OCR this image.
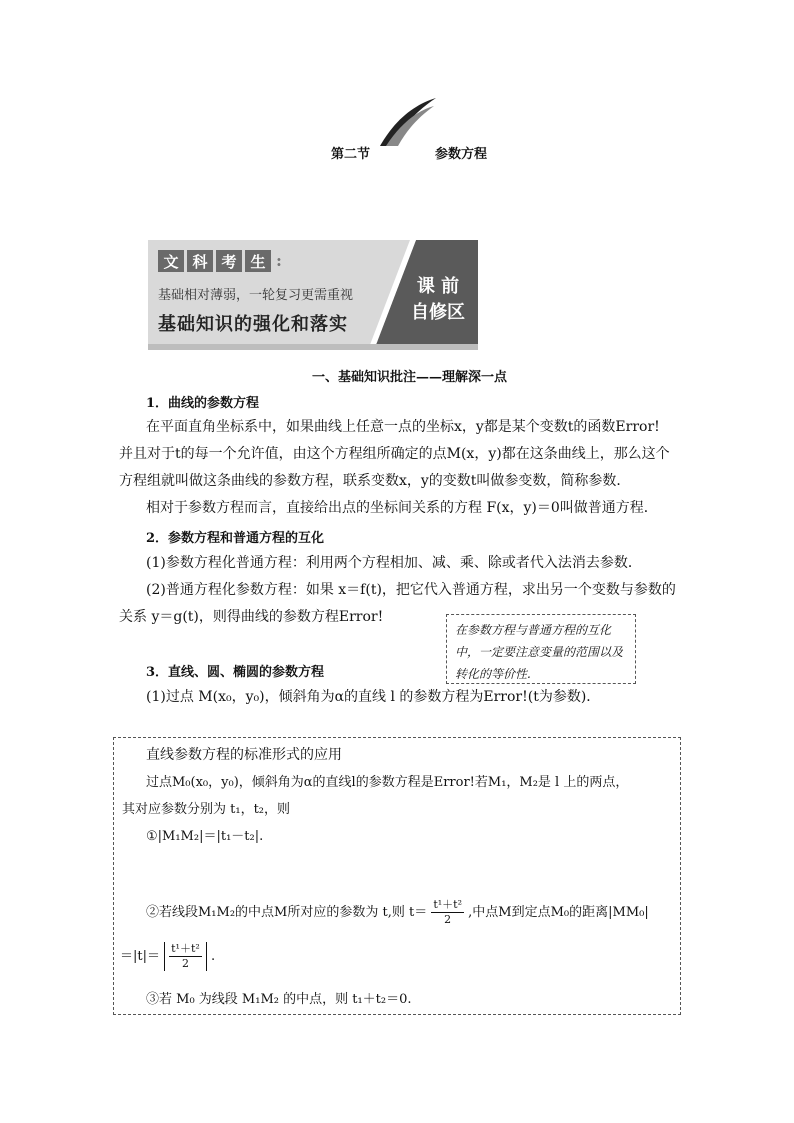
第二节	参数方程
文 科 考 生 :
基础相对薄弱，一轮复习更需重视
基础知识的强化和落实
课 前
自修区
一、基础知识批注——理解深一点
1．曲线的参数方程
在平面直角坐标系中，如果曲线上任意一点的坐标x，y都是某个变数t的函数Error!
并且对于t的每一个允许值，由这个方程组所确定的点M(x，y)都在这条曲线上，那么这个
方程组就叫做这条曲线的参数方程，联系变数x，y的变数t叫做参变数，简称参数．
相对于参数方程而言，直接给出点的坐标间关系的方程 F(x，y)＝0叫做普通方程．
2．参数方程和普通方程的互化
(1)参数方程化普通方程：利用两个方程相加、减、乘、除或者代入法消去参数．
(2)普通方程化参数方程：如果 x＝f(t)，把它代入普通方程，求出另一个变数与参数的
关系 y＝g(t)，则得曲线的参数方程Error!
在参数方程与普通方程的互化中，一定要注意变量的范围以及转化的等价性.
3．直线、圆、椭圆的参数方程
(1)过点 M(x₀，y₀)，倾斜角为α的直线 l 的参数方程为Error!(t为参数)．
直线参数方程的标准形式的应用
过点M₀(x₀，y₀)，倾斜角为α的直线l的参数方程是Error!若M₁，M₂是 l 上的两点，
其对应参数分别为 t₁，t₂，则
①|M₁M₂|＝|t₁－t₂|.
②若线段M₁M₂的中点M所对应的参数为 t,则 $t= \frac{\text{t¹＋t²}}{2}$ ,中点M到定点M₀的距离|MM₀|
$=|t|= \frac{\text{t¹＋t²}}{2}$ .
③若 M₀ 为线段 M₁M₂ 的中点，则 t₁＋t₂＝0.
